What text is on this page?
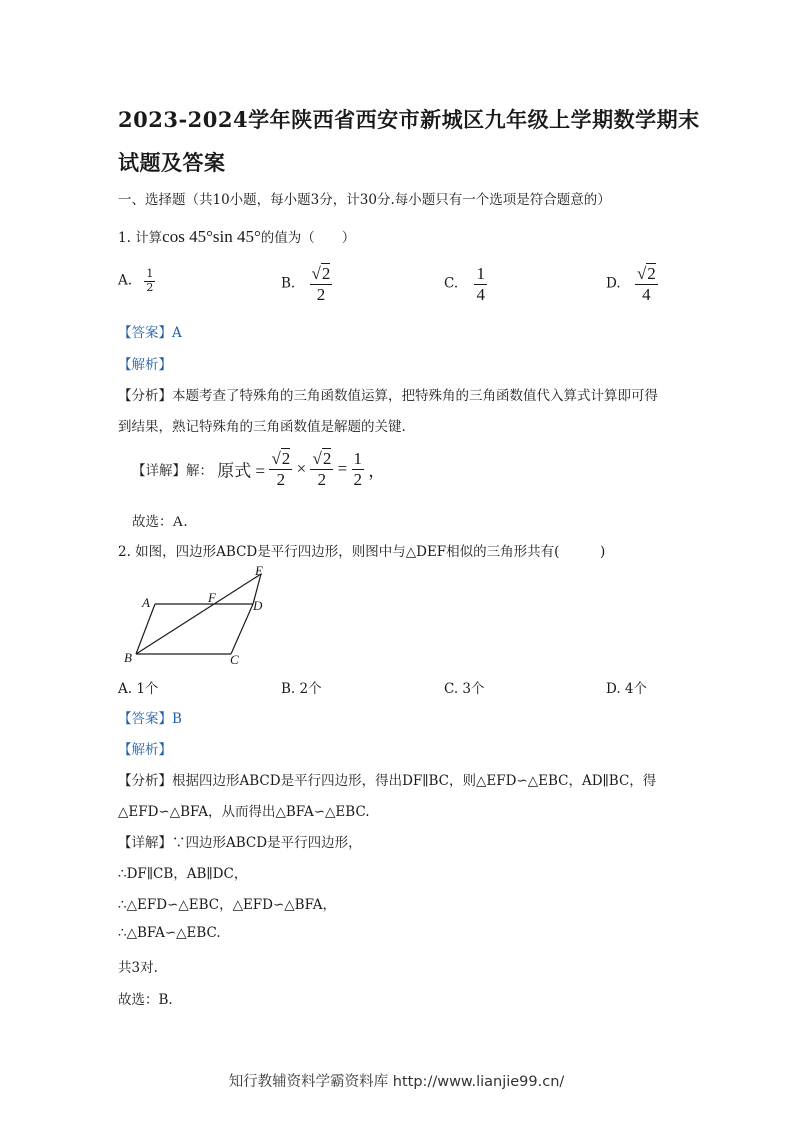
2023-2024学年陕西省西安市新城区九年级上学期数学期末
试题及答案
一、选择题（共10小题，每小题3分，计30分.每小题只有一个选项是符合题意的）
1. 计算cos 45°sin 45°的值为（　　）
A. $\frac{1}{2}$	B. $\frac{√2}{2}$	C. $\frac{1}{4}$	D. $\frac{√2}{4}$
【答案】A
【解析】
【分析】本题考查了特殊角的三角函数值运算，把特殊角的三角函数值代入算式计算即可得
到结果，熟记特殊角的三角函数值是解题的关键.
【详解】解： 原式 = $\frac{√2}{2} \times \frac{√2}{2} = \frac{1}{2}$ ，
故选：A.
2. 如图，四边形ABCD是平行四边形，则图中与△DEF相似的三角形共有(　　　)
A
B	C
D
E
F
A. 1个	B. 2个	C. 3个	D. 4个
【答案】B
【解析】
【分析】根据四边形ABCD是平行四边形，得出DF∥BC，则△EFD∽△EBC，AD∥BC，得
△EFD∽△BFA，从而得出△BFA∽△EBC.
【详解】∵四边形ABCD是平行四边形，
∴DF∥CB，AB∥DC，
∴△EFD∽△EBC，△EFD∽△BFA，
∴△BFA∽△EBC.
共3对.
故选：B.
知行教辅资料学霸资料库 http://www.lianjie99.cn/
